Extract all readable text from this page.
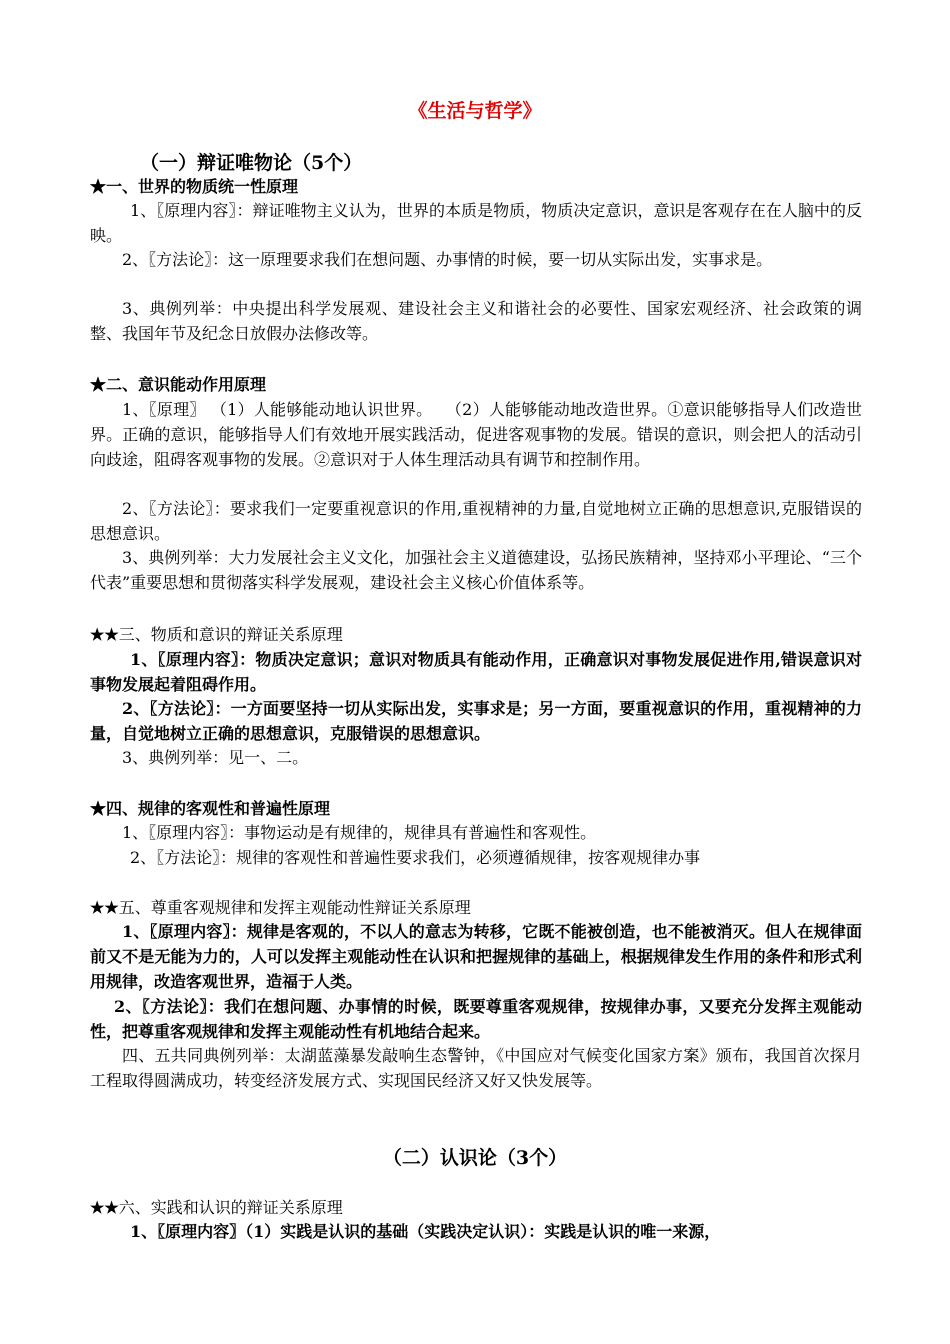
《生活与哲学》
（一）辩证唯物论（5个）
★一、世界的物质统一性原理

1、〖原理内容〗：辩证唯物主义认为，世界的本质是物质，物质决定意识，意识是客观存在在人脑中的反映。

2、〖方法论〗：这一原理要求我们在想问题、办事情的时候，要一切从实际出发，实事求是。

3、典例列举：中央提出科学发展观、建设社会主义和谐社会的必要性、国家宏观经济、社会政策的调整、我国年节及纪念日放假办法修改等。

★二、意识能动作用原理

1、〖原理〗 （1）人能够能动地认识世界。　 （2）人能够能动地改造世界。①意识能够指导人们改造世界。正确的意识，能够指导人们有效地开展实践活动，促进客观事物的发展。错误的意识，则会把人的活动引向歧途，阻碍客观事物的发展。②意识对于人体生理活动具有调节和控制作用。

2、〖方法论〗：要求我们一定要重视意识的作用,重视精神的力量,自觉地树立正确的思想意识,克服错误的思想意识。

3、典例列举：大力发展社会主义文化，加强社会主义道德建设，弘扬民族精神，坚持邓小平理论、“三个代表”重要思想和贯彻落实科学发展观，建设社会主义核心价值体系等。

★★三、物质和意识的辩证关系原理

1、〖原理内容〗：物质决定意识；意识对物质具有能动作用，正确意识对事物发展促进作用,错误意识对事物发展起着阻碍作用。

2、〖方法论〗：一方面要坚持一切从实际出发，实事求是；另一方面，要重视意识的作用，重视精神的力量，自觉地树立正确的思想意识，克服错误的思想意识。

3、典例列举：见一、二。

★四、规律的客观性和普遍性原理

1、〖原理内容〗：事物运动是有规律的，规律具有普遍性和客观性。

2、〖方法论〗：规律的客观性和普遍性要求我们，必须遵循规律，按客观规律办事

★★五、尊重客观规律和发挥主观能动性辩证关系原理

1、〖原理内容〗：规律是客观的，不以人的意志为转移，它既不能被创造，也不能被消灭。但人在规律面前又不是无能为力的，人可以发挥主观能动性在认识和把握规律的基础上，根据规律发生作用的条件和形式利用规律，改造客观世界，造福于人类。

2、〖方法论〗：我们在想问题、办事情的时候，既要尊重客观规律，按规律办事，又要充分发挥主观能动性，把尊重客观规律和发挥主观能动性有机地结合起来。

四、五共同典例列举：太湖蓝藻暴发敲响生态警钟，《中国应对气候变化国家方案》颁布，我国首次探月工程取得圆满成功，转变经济发展方式、实现国民经济又好又快发展等。

（二）认识论（3个）
★★六、实践和认识的辩证关系原理

1、〖原理内容〗（1）实践是认识的基础（实践决定认识）：实践是认识的唯一来源，
